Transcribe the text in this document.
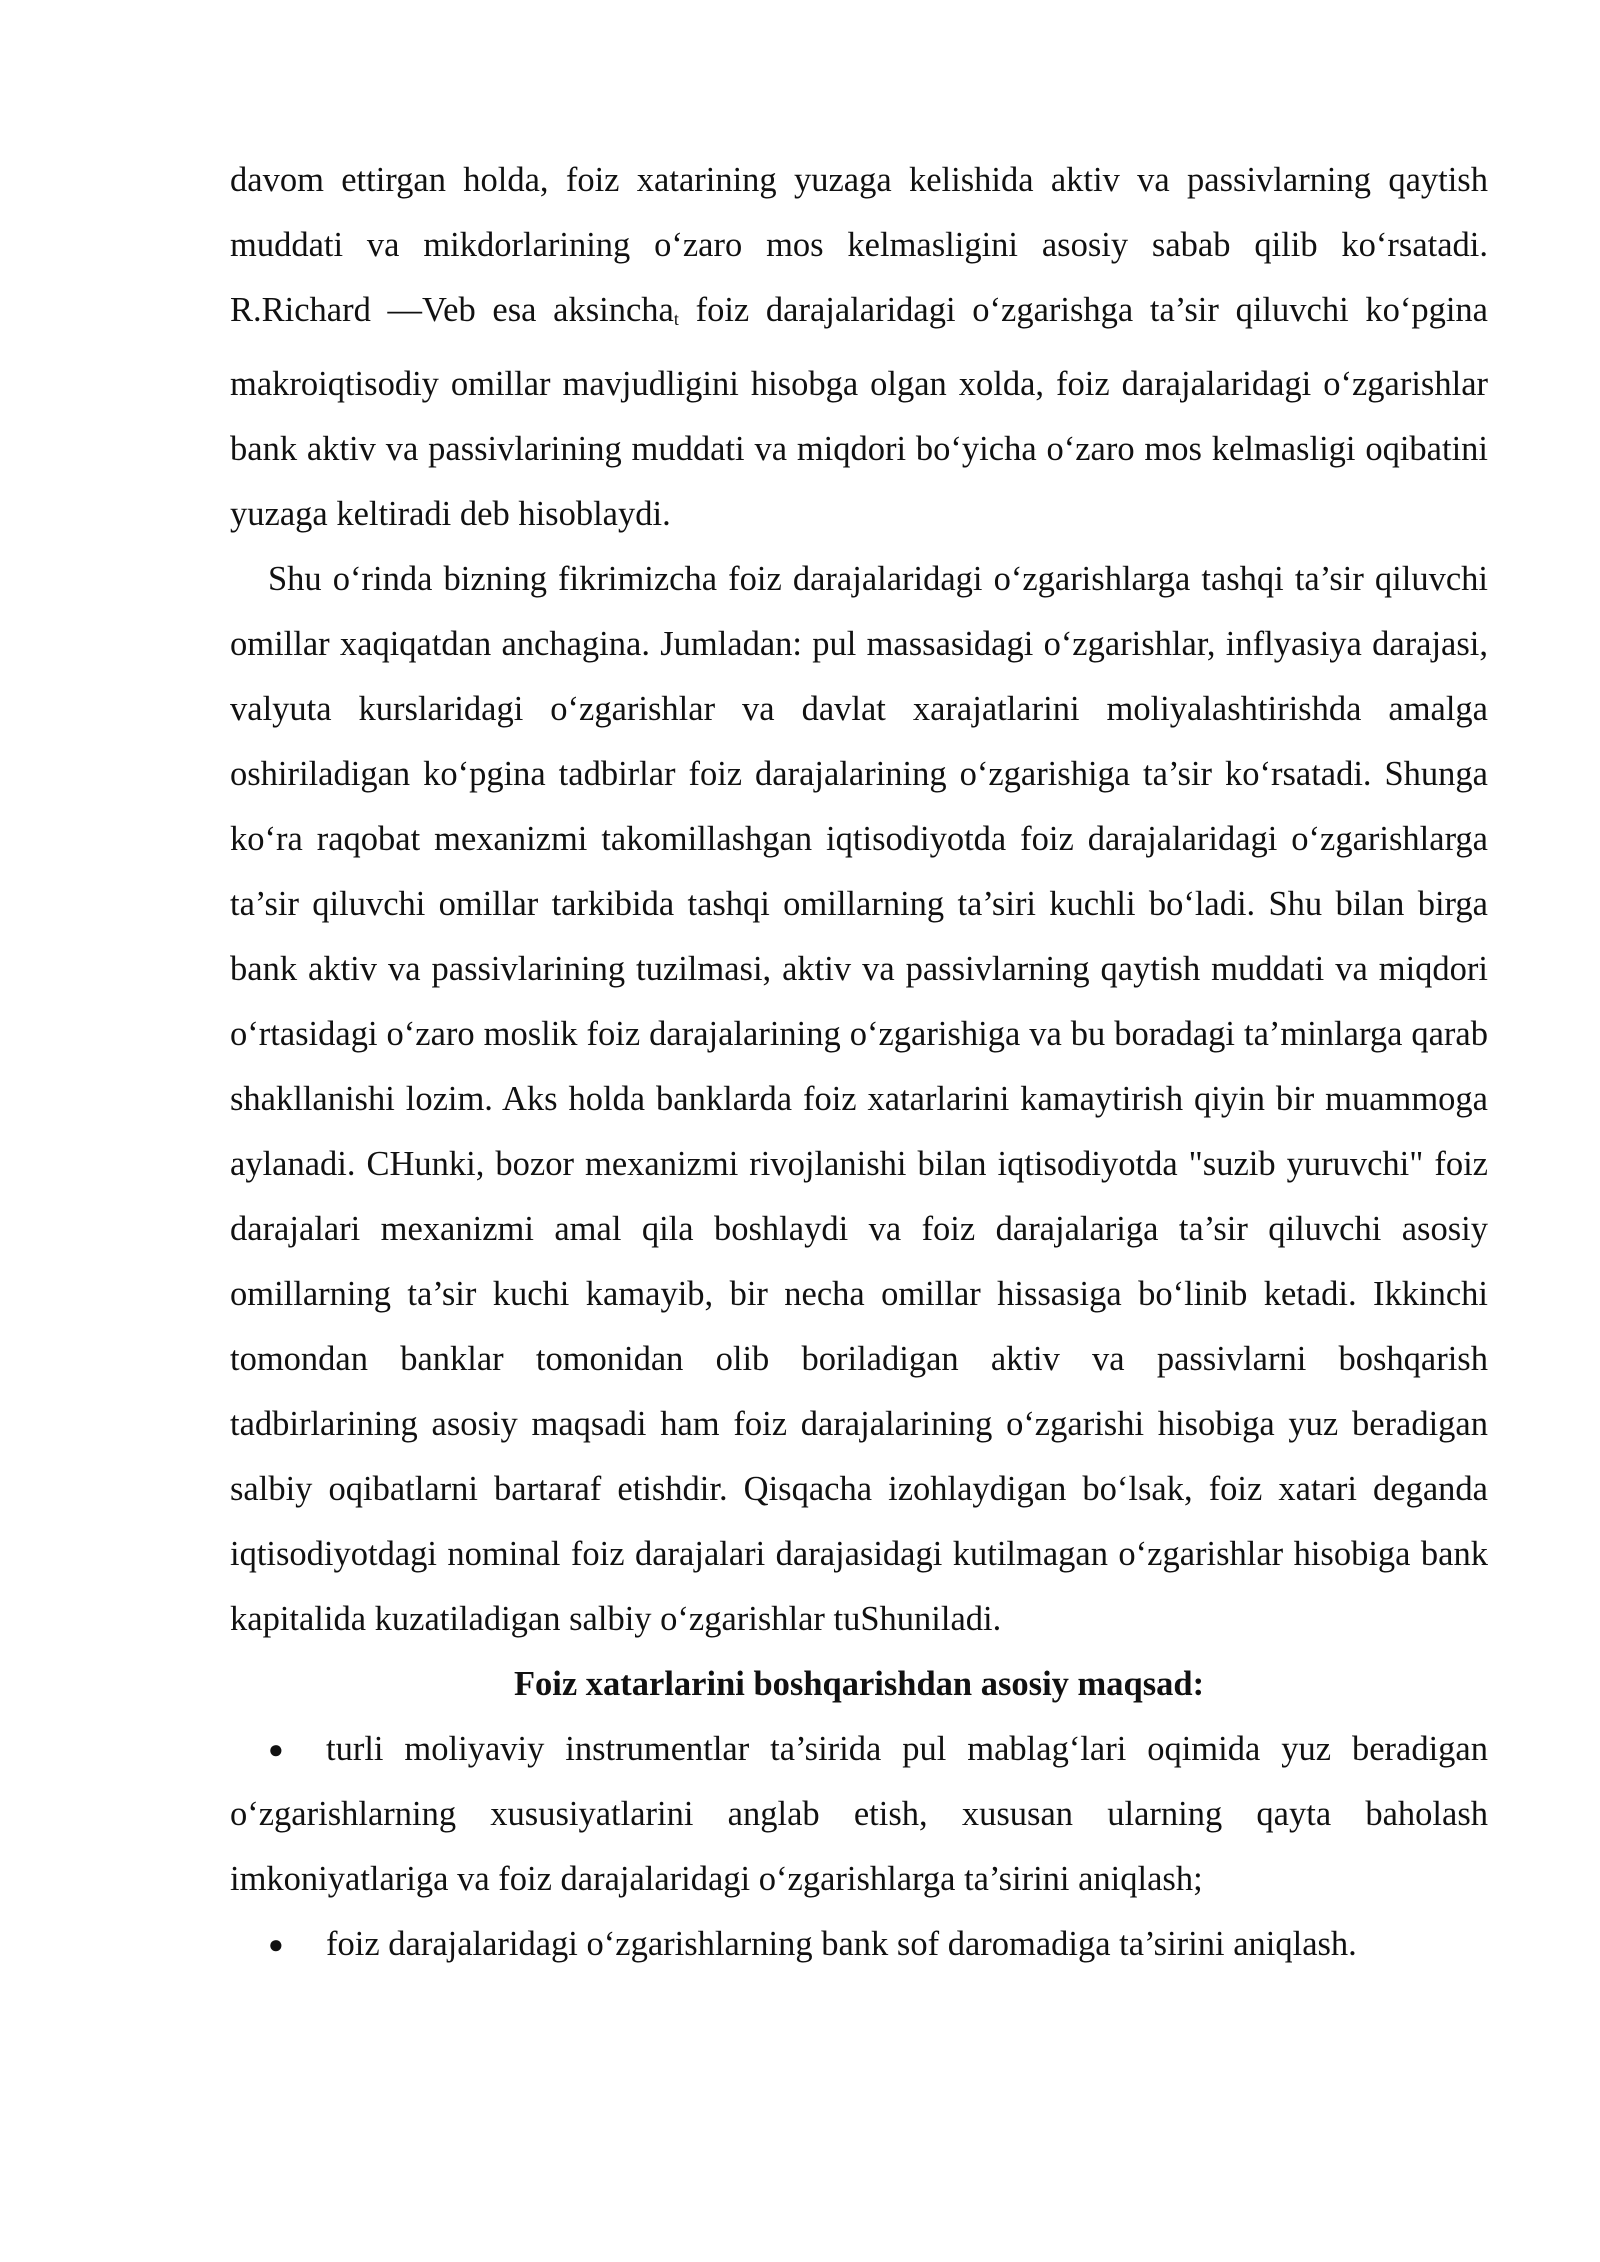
davom ettirgan holda, foiz xatarining yuzaga kelishida aktiv va passivlarning qaytish muddati va mikdorlarining o‘zaro mos kelmasligini asosiy sabab qilib ko‘rsatadi. R.Richard —Veb esa aksincha$_t$ foiz darajalaridagi o‘zgarishga ta’sir qiluvchi ko‘pgina makroiqtisodiy omillar mavjudligini hisobga olgan xolda, foiz darajalaridagi o‘zgarishlar bank aktiv va passivlarining muddati va miqdori bo‘yicha o‘zaro mos kelmasligi oqibatini yuzaga keltiradi deb hisoblaydi.

Shu o‘rinda bizning fikrimizcha foiz darajalaridagi o‘zgarishlarga tashqi ta’sir qiluvchi omillar xaqiqatdan anchagina. Jumladan: pul massasidagi o‘zgarishlar, inflyasiya darajasi, valyuta kurslaridagi o‘zgarishlar va davlat xarajatlarini moliyalashtirishda amalga oshiriladigan ko‘pgina tadbirlar foiz darajalarining o‘zgarishiga ta’sir ko‘rsatadi. Shunga ko‘ra raqobat mexanizmi takomillashgan iqtisodiyotda foiz darajalaridagi o‘zgarishlarga ta’sir qiluvchi omillar tarkibida tashqi omillarning ta’siri kuchli bo‘ladi. Shu bilan birga bank aktiv va passivlarining tuzilmasi, aktiv va passivlarning qaytish muddati va miqdori o‘rtasidagi o‘zaro moslik foiz darajalarining o‘zgarishiga va bu boradagi ta’minlarga qarab shakllanishi lozim. Aks holda banklarda foiz xatarlarini kamaytirish qiyin bir muammoga aylanadi. CHunki, bozor mexanizmi rivojlanishi bilan iqtisodiyotda "suzib yuruvchi" foiz darajalari mexanizmi amal qila boshlaydi va foiz darajalariga ta’sir qiluvchi asosiy omillarning ta’sir kuchi kamayib, bir necha omillar hissasiga bo‘linib ketadi. Ikkinchi tomondan banklar tomonidan olib boriladigan aktiv va passivlarni boshqarish tadbirlarining asosiy maqsadi ham foiz darajalarining o‘zgarishi hisobiga yuz beradigan salbiy oqibatlarni bartaraf etishdir. Qisqacha izohlaydigan bo‘lsak, foiz xatari deganda iqtisodiyotdagi nominal foiz darajalari darajasidagi kutilmagan o‘zgarishlar hisobiga bank kapitalida kuzatiladigan salbiy o‘zgarishlar tuShuniladi.

Foiz xatarlarini boshqarishdan asosiy maqsad:

● turli moliyaviy instrumentlar ta’sirida pul mablag‘lari oqimida yuz beradigan o‘zgarishlarning xususiyatlarini anglab etish, xususan ularning qayta baholash imkoniyatlariga va foiz darajalaridagi o‘zgarishlarga ta’sirini aniqlash;

● foiz darajalaridagi o‘zgarishlarning bank sof daromadiga ta’sirini aniqlash.
